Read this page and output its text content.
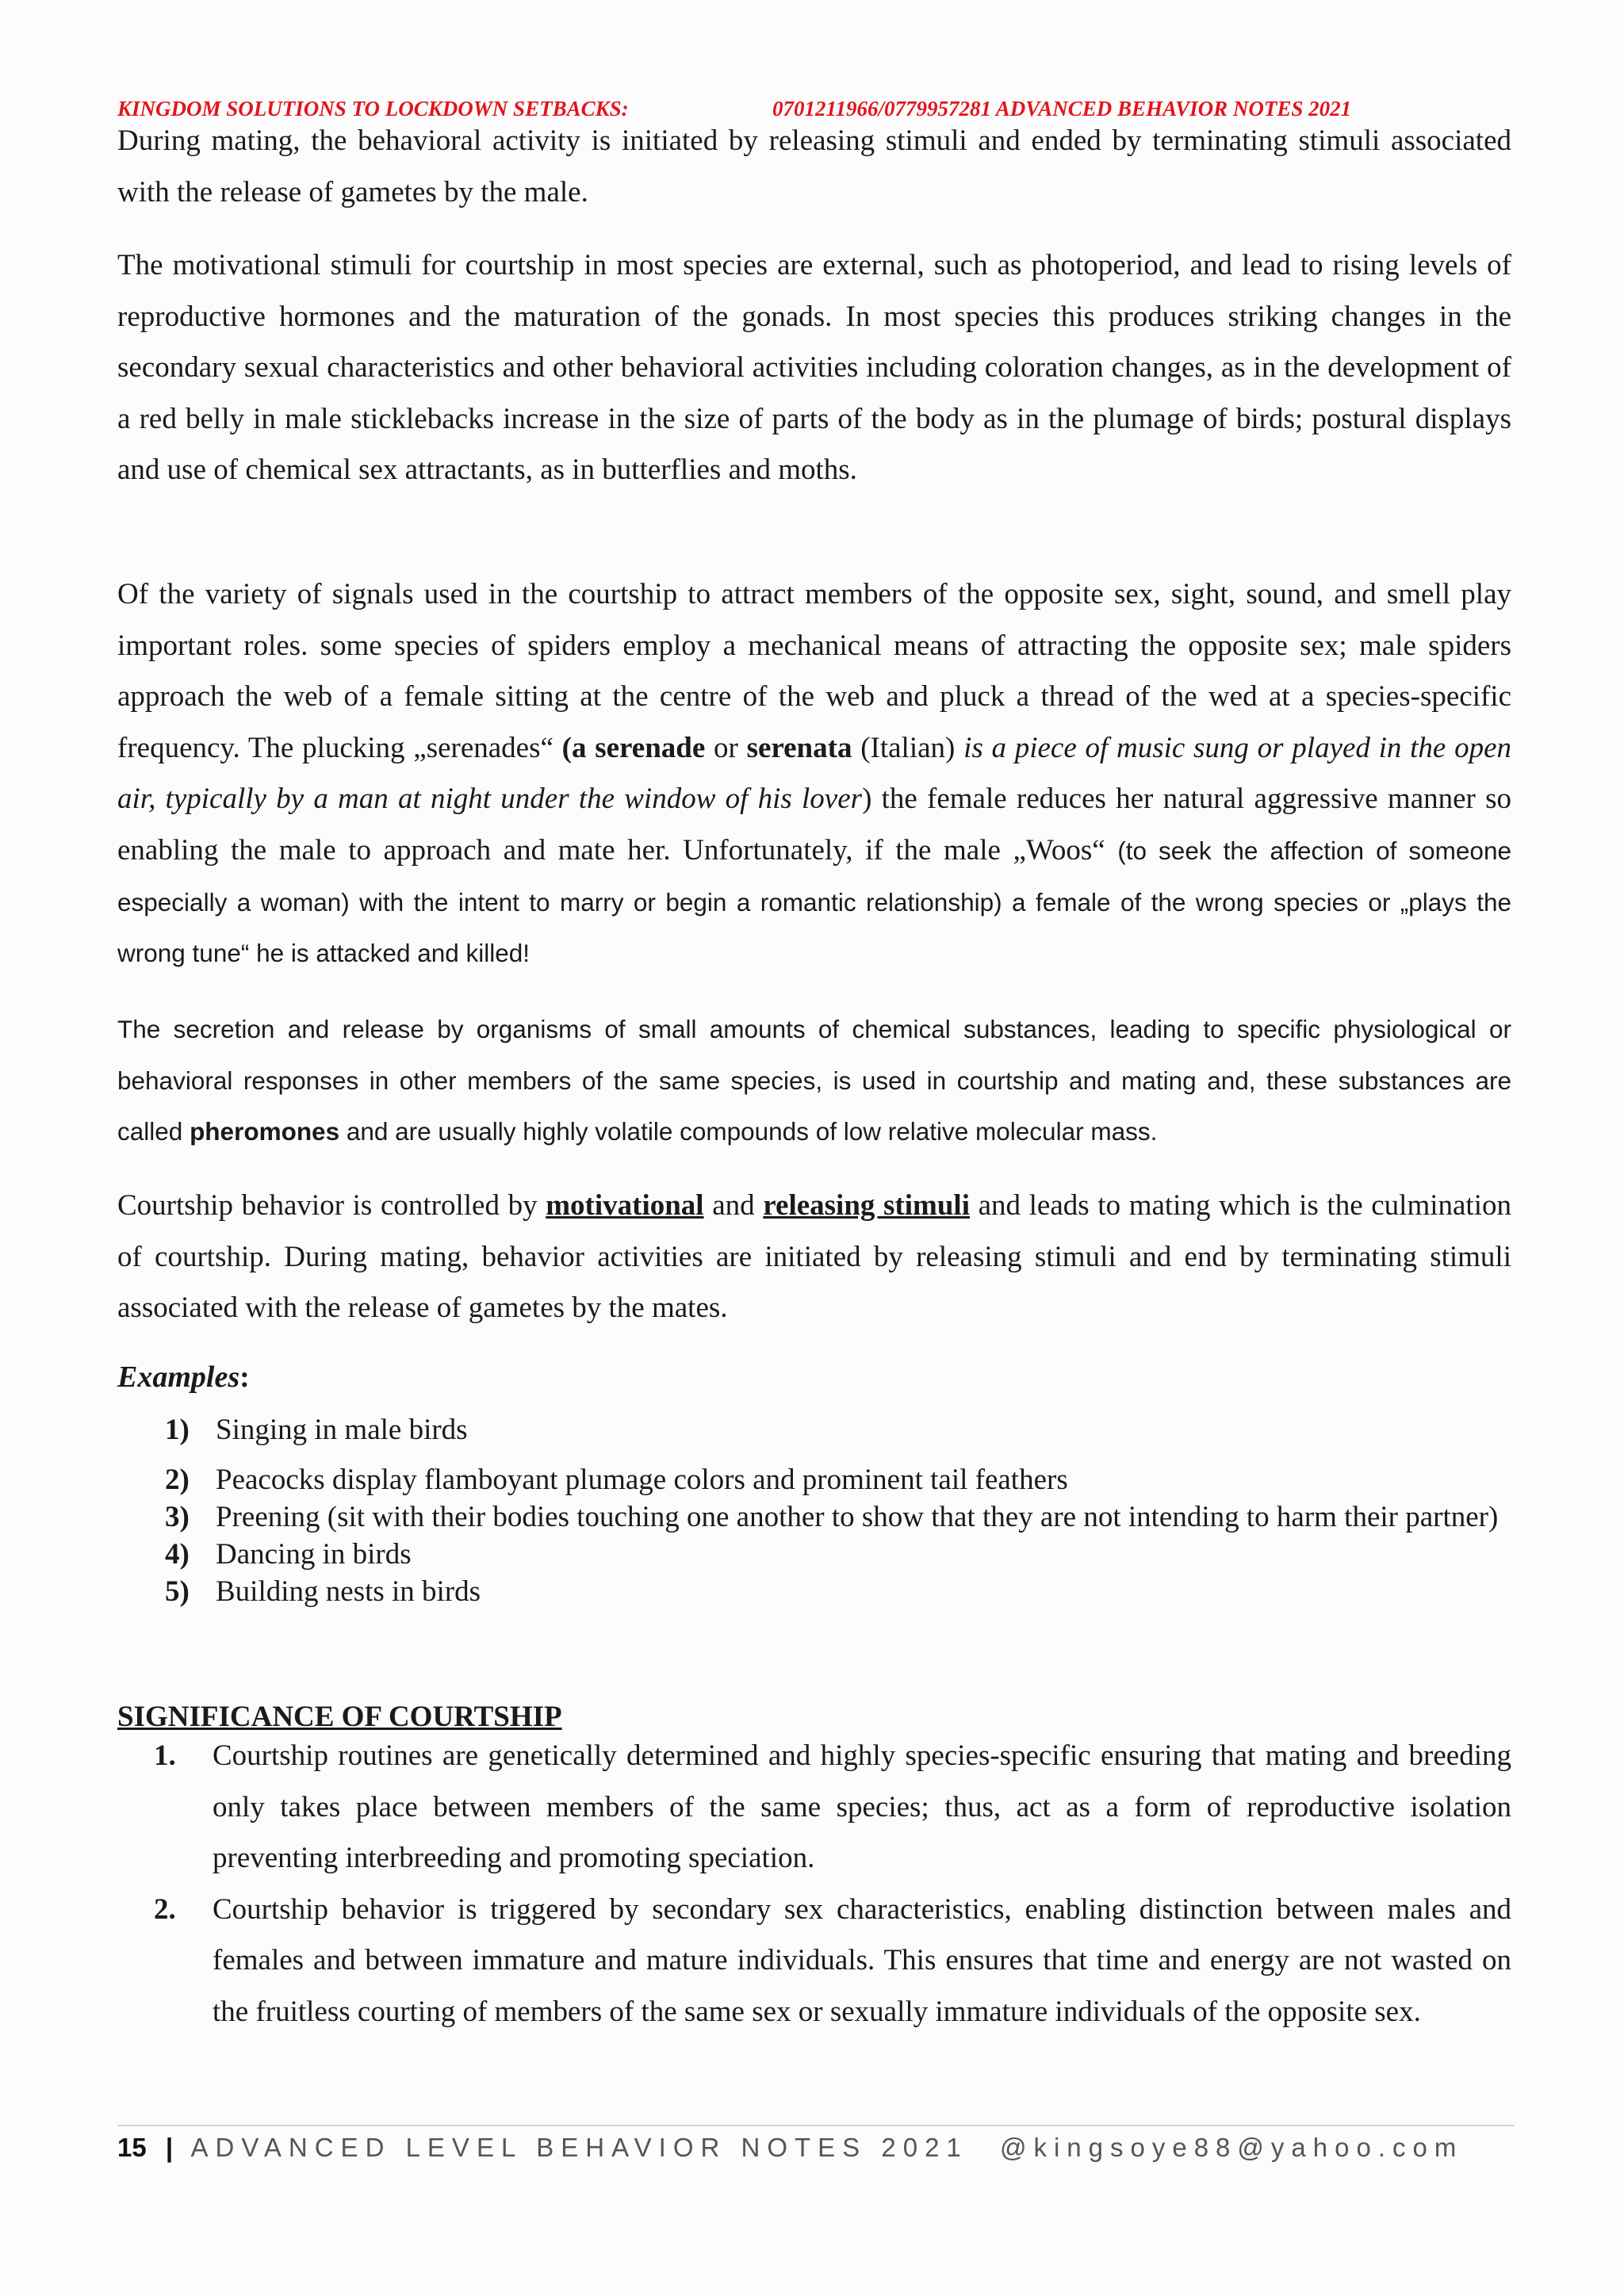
KINGDOM SOLUTIONS TO LOCKDOWN SETBACKS:	0701211966/0779957281 ADVANCED BEHAVIOR NOTES 2021
During mating, the behavioral activity is initiated by releasing stimuli and ended by terminating stimuli associated with the release of gametes by the male.
The motivational stimuli for courtship in most species are external, such as photoperiod, and lead to rising levels of reproductive hormones and the maturation of the gonads. In most species this produces striking changes in the secondary sexual characteristics and other behavioral activities including coloration changes, as in the development of a red belly in male sticklebacks increase in the size of parts of the body as in the plumage of birds; postural displays and use of chemical sex attractants, as in butterflies and moths.
Of the variety of signals used in the courtship to attract members of the opposite sex, sight, sound, and smell play important roles. some species of spiders employ a mechanical means of attracting the opposite sex; male spiders approach the web of a female sitting at the centre of the web and pluck a thread of the wed at a species-specific frequency. The plucking „serenades“ (a serenade or serenata (Italian) is a piece of music sung or played in the open air, typically by a man at night under the window of his lover) the female reduces her natural aggressive manner so enabling the male to approach and mate her. Unfortunately, if the male „Woos“ (to seek the affection of someone especially a woman) with the intent to marry or begin a romantic relationship) a female of the wrong species or „plays the wrong tune“ he is attacked and killed!
The secretion and release by organisms of small amounts of chemical substances, leading to specific physiological or behavioral responses in other members of the same species, is used in courtship and mating and, these substances are called pheromones and are usually highly volatile compounds of low relative molecular mass.
Courtship behavior is controlled by motivational and releasing stimuli and leads to mating which is the culmination of courtship. During mating, behavior activities are initiated by releasing stimuli and end by terminating stimuli associated with the release of gametes by the mates.
Examples:
1) Singing in male birds
2) Peacocks display flamboyant plumage colors and prominent tail feathers
3) Preening (sit with their bodies touching one another to show that they are not intending to harm their partner)
4) Dancing in birds
5) Building nests in birds
SIGNIFICANCE OF COURTSHIP
1.	Courtship routines are genetically determined and highly species-specific ensuring that mating and breeding only takes place between members of the same species; thus, act as a form of reproductive isolation preventing interbreeding and promoting speciation.
2.	Courtship behavior is triggered by secondary sex characteristics, enabling distinction between males and females and between immature and mature individuals. This ensures that time and energy are not wasted on the fruitless courting of members of the same sex or sexually immature individuals of the opposite sex.
15 | ADVANCED LEVEL BEHAVIOR NOTES 2021 @kingsoye88@yahoo.com
